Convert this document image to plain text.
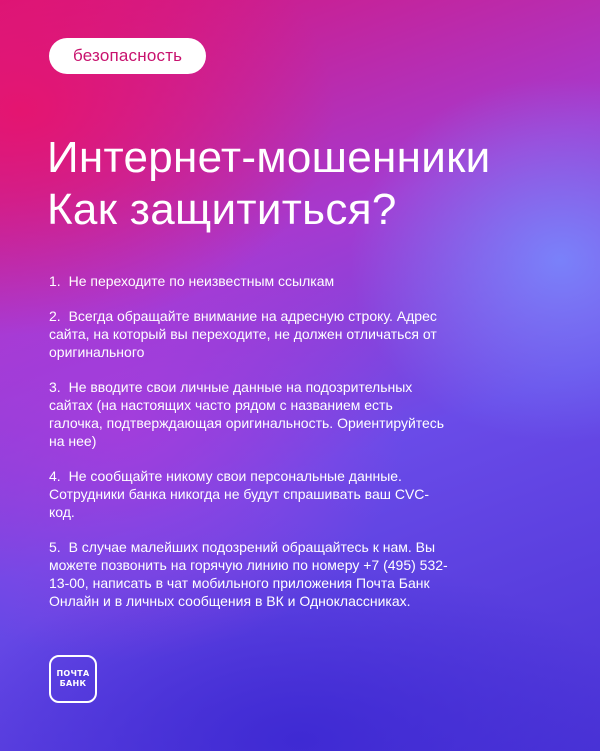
безопасность
Интернет-мошенники
Как защититься?
1. Не переходите по неизвестным ссылкам
2. Всегда обращайте внимание на адресную строку. Адрес сайта, на который вы переходите, не должен отличаться от оригинального
3. Не вводите свои личные данные на подозрительных сайтах (на настоящих часто рядом с названием есть галочка, подтверждающая оригинальность. Ориентируйтесь на нее)
4. Не сообщайте никому свои персональные данные. Сотрудники банка никогда не будут спрашивать ваш CVC-код.
5. В случае малейших подозрений обращайтесь к нам. Вы можете позвонить на горячую линию по номеру +7 (495) 532-13-00, написать в чат мобильного приложения Почта Банк Онлайн и в личных сообщения в ВК и Одноклассниках.
ПОЧТА
БАНК
